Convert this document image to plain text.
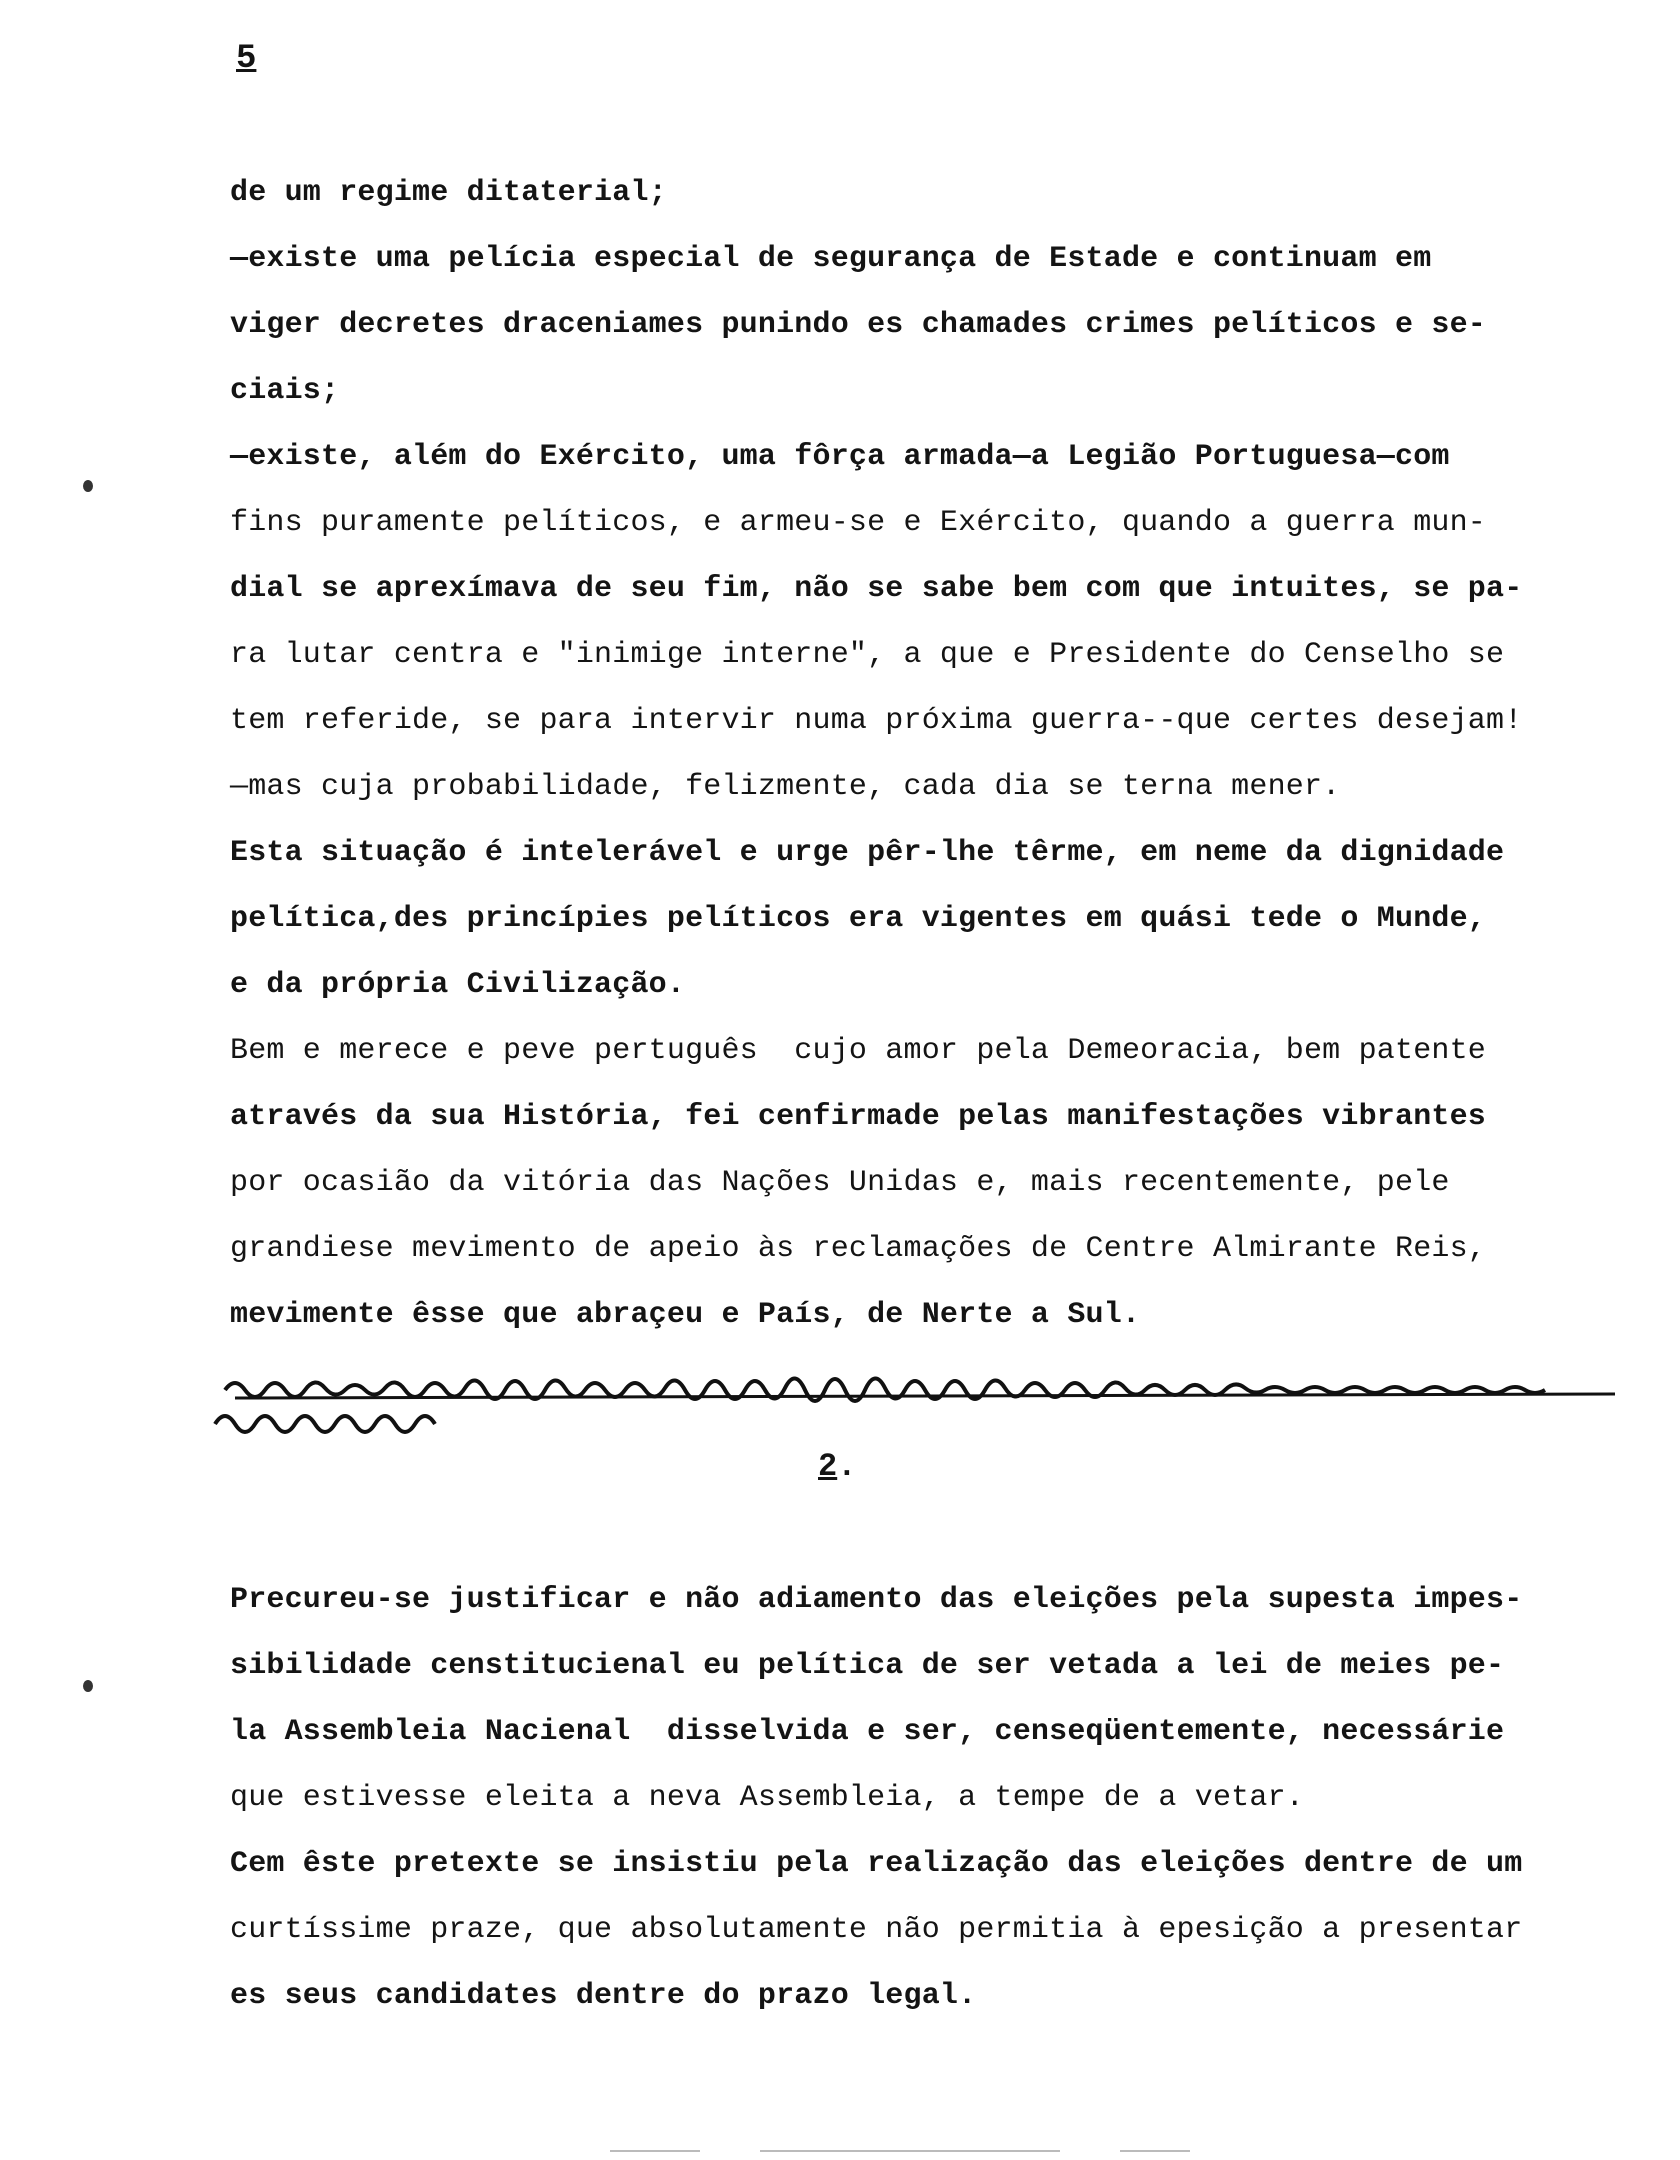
5
de um regime ditaterial;
—existe uma pelícia especial de segurança de Estade e continuam em
viger decretes draceniames punindo es chamades crimes pelíticos e se-
ciais;
—existe, além do Exército, uma fôrça armada—a Legião Portuguesa—com
fins puramente pelíticos, e armeu-se e Exército, quando a guerra mun-
dial se aprexímava de seu fim, não se sabe bem com que intuites, se pa-
ra lutar centra e "inimige interne", a que e Presidente do Censelho se
tem referide, se para intervir numa próxima guerra--que certes desejam!
—mas cuja probabilidade, felizmente, cada dia se terna mener.
Esta situação é intelerável e urge pêr-lhe têrme, em neme da dignidade
pelítica,des princípies pelíticos era vigentes em quási tede o Munde,
e da própria Civilização.
Bem e merece e peve pertuguês  cujo amor pela Demeoracia, bem patente
através da sua História, fei cenfirmade pelas manifestações vibrantes
por ocasião da vitória das Nações Unidas e, mais recentemente, pele
grandiese mevimento de apeio às reclamações de Centre Almirante Reis,
mevimente êsse que abraçeu e País, de Nerte a Sul.
2.
Precureu-se justificar e não adiamento das eleições pela supesta impes-
sibilidade censtitucienal eu pelítica de ser vetada a lei de meies pe-
la Assembleia Nacienal  disselvida e ser, censeqüentemente, necessárie
que estivesse eleita a neva Assembleia, a tempe de a vetar.
Cem êste pretexte se insistiu pela realização das eleições dentre de um
curtíssime praze, que absolutamente não permitia à epesição a presentar
es seus candidates dentre do prazo legal.
